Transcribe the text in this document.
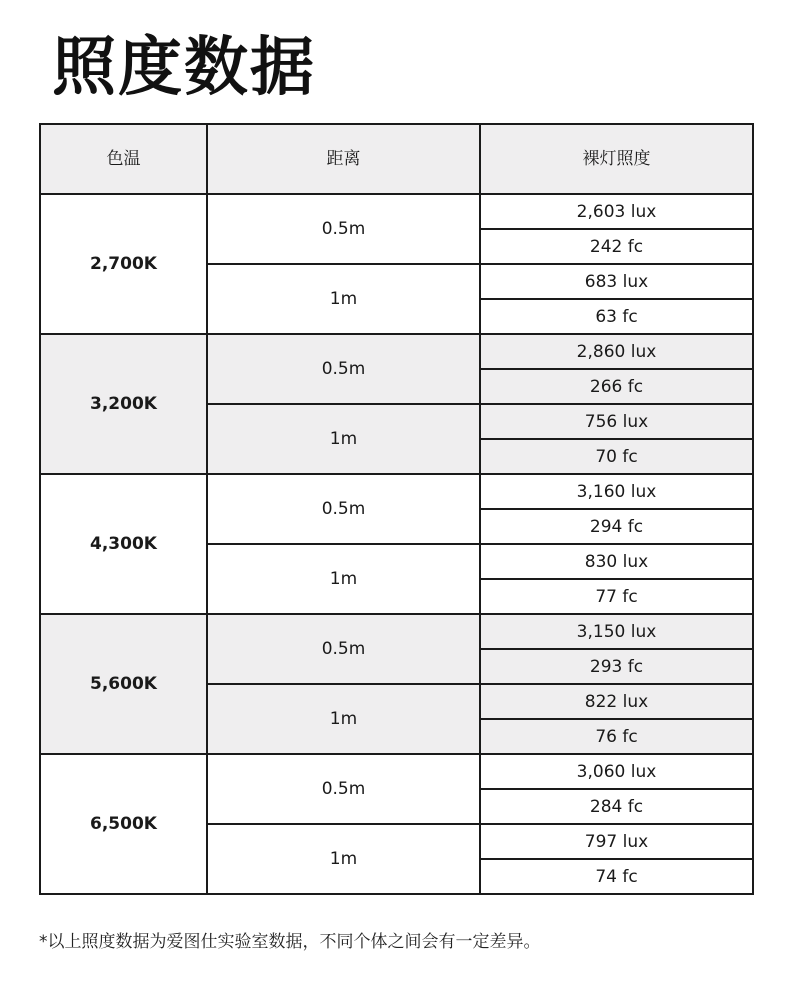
照度数据
色温	距离	裸灯照度
2,700K	0.5m	2,603 lux
		242 fc
	1m	683 lux
		63 fc
3,200K	0.5m	2,860 lux
		266 fc
	1m	756 lux
		70 fc
4,300K	0.5m	3,160 lux
		294 fc
	1m	830 lux
		77 fc
5,600K	0.5m	3,150 lux
		293 fc
	1m	822 lux
		76 fc
6,500K	0.5m	3,060 lux
		284 fc
	1m	797 lux
		74 fc

*以上照度数据为爱图仕实验室数据，不同个体之间会有一定差异。
